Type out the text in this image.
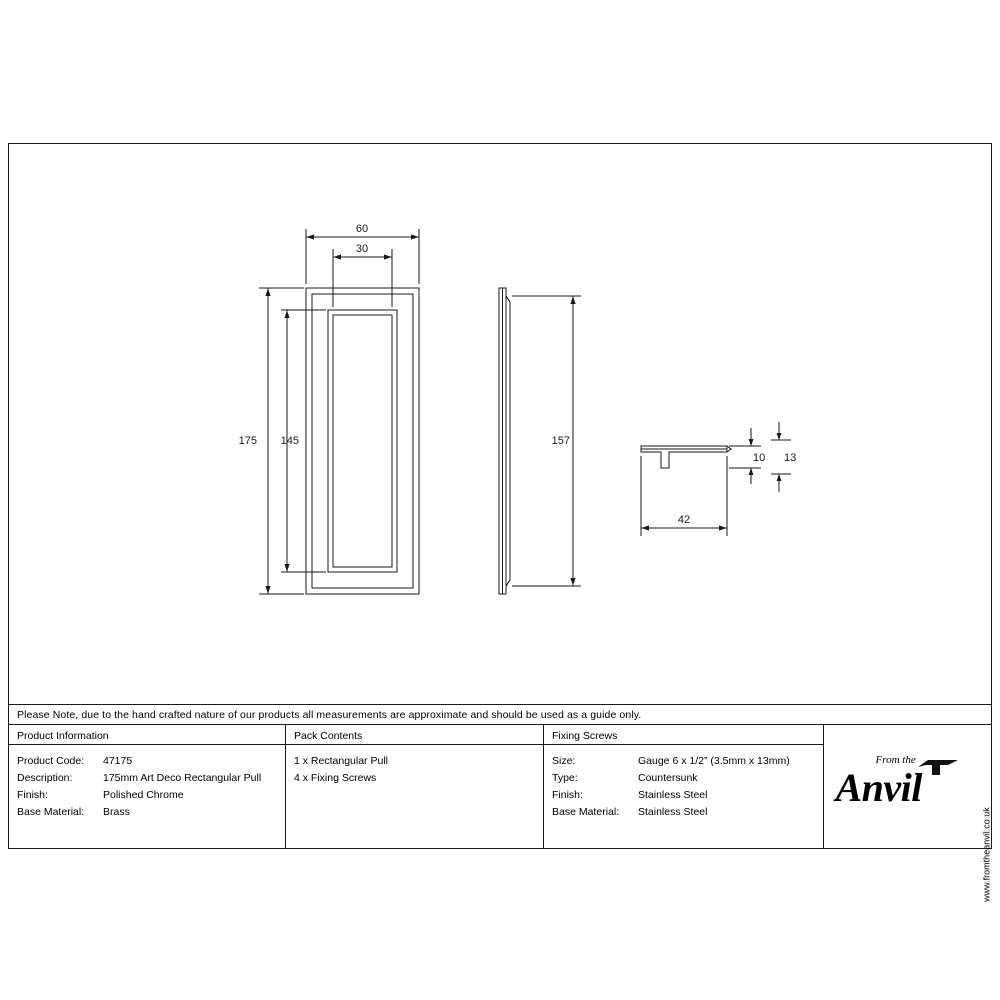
60
30
175 145	157
10 13
42
Please Note, due to the hand crafted nature of our products all measurements are approximate and should be used as a guide only.
Product Information
Product Code:	47175
Description:	175mm Art Deco Rectangular Pull
Finish:	Polished Chrome
Base Material:	Brass
Pack Contents
1 x Rectangular Pull
4 x Fixing Screws
Fixing Screws
Size:	Gauge 6 x 1/2” (3.5mm x 13mm)
Type:	Countersunk
Finish:	Stainless Steel
Base Material:	Stainless Steel
From the
Anvil
www.fromtheanvil.co.uk
